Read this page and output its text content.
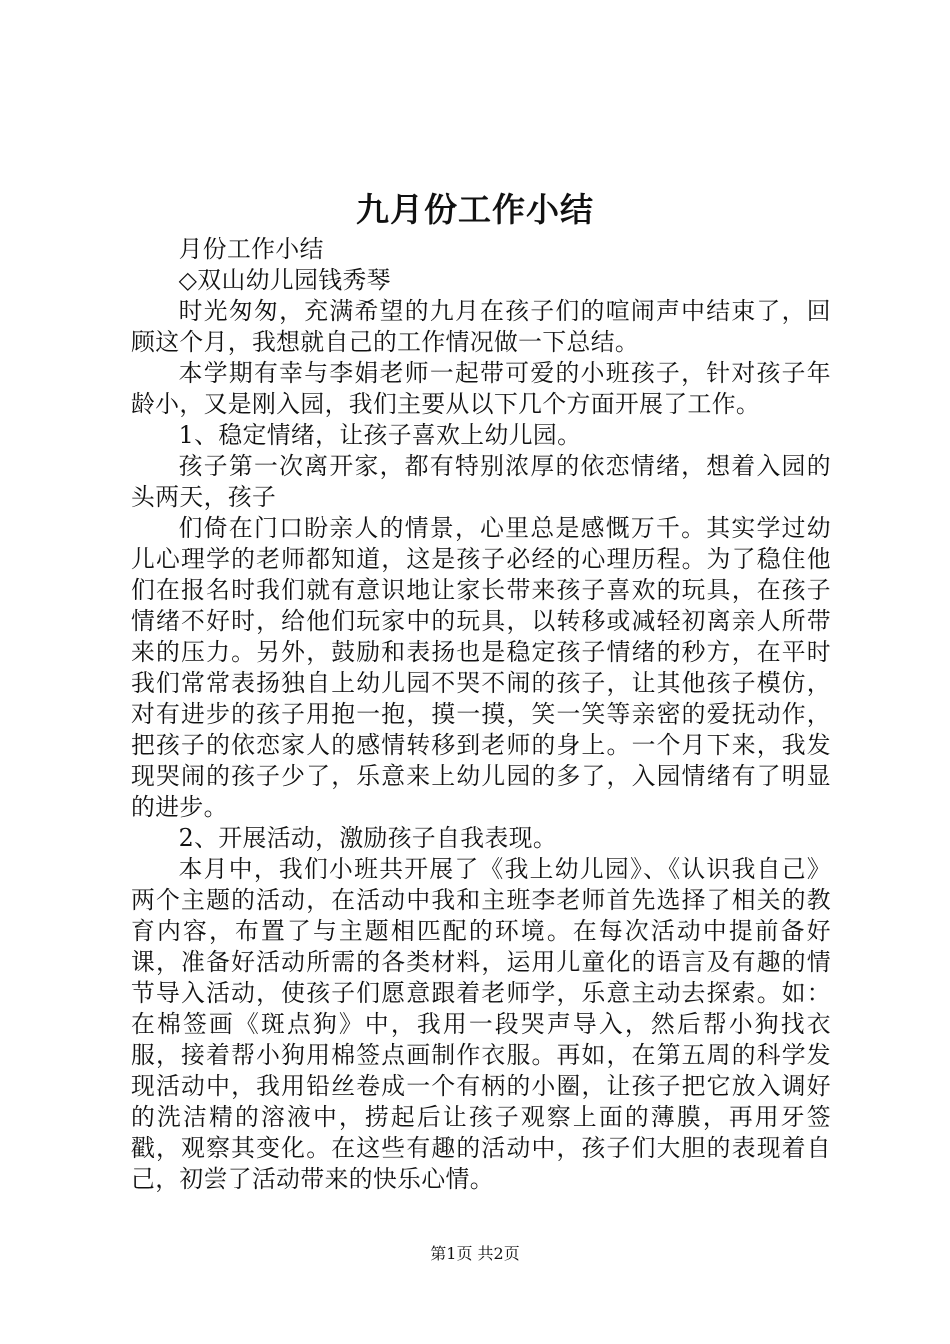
九月份工作小结

月份工作小结

◇双山幼儿园钱秀琴

时光匆匆，充满希望的九月在孩子们的喧闹声中结束了，回顾这个月，我想就自己的工作情况做一下总结。

本学期有幸与李娟老师一起带可爱的小班孩子，针对孩子年龄小，又是刚入园，我们主要从以下几个方面开展了工作。

1、稳定情绪，让孩子喜欢上幼儿园。

孩子第一次离开家，都有特别浓厚的依恋情绪，想着入园的头两天，孩子

们倚在门口盼亲人的情景，心里总是感慨万千。其实学过幼儿心理学的老师都知道，这是孩子必经的心理历程。为了稳住他们在报名时我们就有意识地让家长带来孩子喜欢的玩具，在孩子情绪不好时，给他们玩家中的玩具，以转移或减轻初离亲人所带来的压力。另外，鼓励和表扬也是稳定孩子情绪的秒方，在平时我们常常表扬独自上幼儿园不哭不闹的孩子，让其他孩子模仿，对有进步的孩子用抱一抱，摸一摸，笑一笑等亲密的爱抚动作，把孩子的依恋家人的感情转移到老师的身上。一个月下来，我发现哭闹的孩子少了，乐意来上幼儿园的多了，入园情绪有了明显的进步。

2、开展活动，激励孩子自我表现。

本月中，我们小班共开展了《我上幼儿园》、《认识我自己》两个主题的活动，在活动中我和主班李老师首先选择了相关的教育内容，布置了与主题相匹配的环境。在每次活动中提前备好课，准备好活动所需的各类材料，运用儿童化的语言及有趣的情节导入活动，使孩子们愿意跟着老师学，乐意主动去探索。如：在棉签画《斑点狗》中，我用一段哭声导入，然后帮小狗找衣服，接着帮小狗用棉签点画制作衣服。再如，在第五周的科学发现活动中，我用铅丝卷成一个有柄的小圈，让孩子把它放入调好的洗洁精的溶液中，捞起后让孩子观察上面的薄膜，再用牙签戳，观察其变化。在这些有趣的活动中，孩子们大胆的表现着自己，初尝了活动带来的快乐心情。

第1页 共2页
